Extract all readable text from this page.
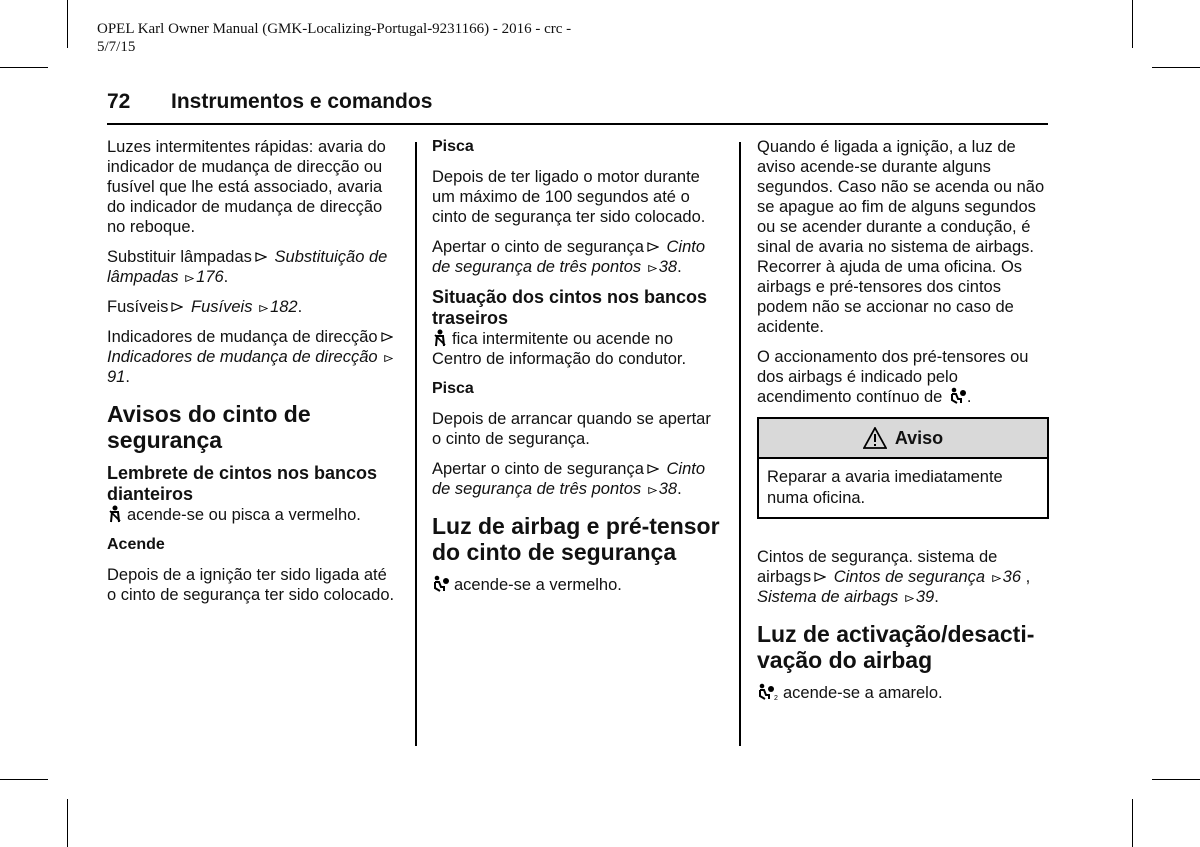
OPEL Karl Owner Manual (GMK-Localizing-Portugal-9231166) - 2016 - crc -
5/7/15
72 Instrumentos e comandos

Luzes intermitentes rápidas: avaria do indicador de mudança de direcção ou fusível que lhe está associado, avaria do indicador de mudança de direcção no reboque.

Substituir lâmpadas Substituição de lâmpadas 176.

Fusíveis Fusíveis 182.

Indicadores de mudança de direcção Indicadores de mudança de direcção 91.

Avisos do cinto de segurança
Lembrete de cintos nos bancos dianteiros

acende-se ou pisca a vermelho.

Acende

Depois de a ignição ter sido ligada até o cinto de segurança ter sido colocado.

Pisca

Depois de ter ligado o motor durante um máximo de 100 segundos até o cinto de segurança ter sido colocado.

Apertar o cinto de segurança Cinto de segurança de três pontos 38.

Situação dos cintos nos bancos traseiros

fica intermitente ou acende no Centro de informação do condutor.

Pisca

Depois de arrancar quando se apertar o cinto de segurança.

Apertar o cinto de segurança Cinto de segurança de três pontos 38.

Luz de airbag e pré-tensor do cinto de segurança

acende-se a vermelho.

Quando é ligada a ignição, a luz de aviso acende-se durante alguns segundos. Caso não se acenda ou não se apague ao fim de alguns segundos ou se acender durante a condução, é sinal de avaria no sistema de airbags. Recorrer à ajuda de uma oficina. Os airbags e pré-tensores dos cintos podem não se accionar no caso de acidente.

O accionamento dos pré-tensores ou dos airbags é indicado pelo acendimento contínuo de .

Aviso
Reparar a avaria imediatamente numa oficina.

Cintos de segurança. sistema de airbags Cintos de segurança 36 , Sistema de airbags 39.

Luz de activação/desacti-vação do airbag

2 acende-se a amarelo.
